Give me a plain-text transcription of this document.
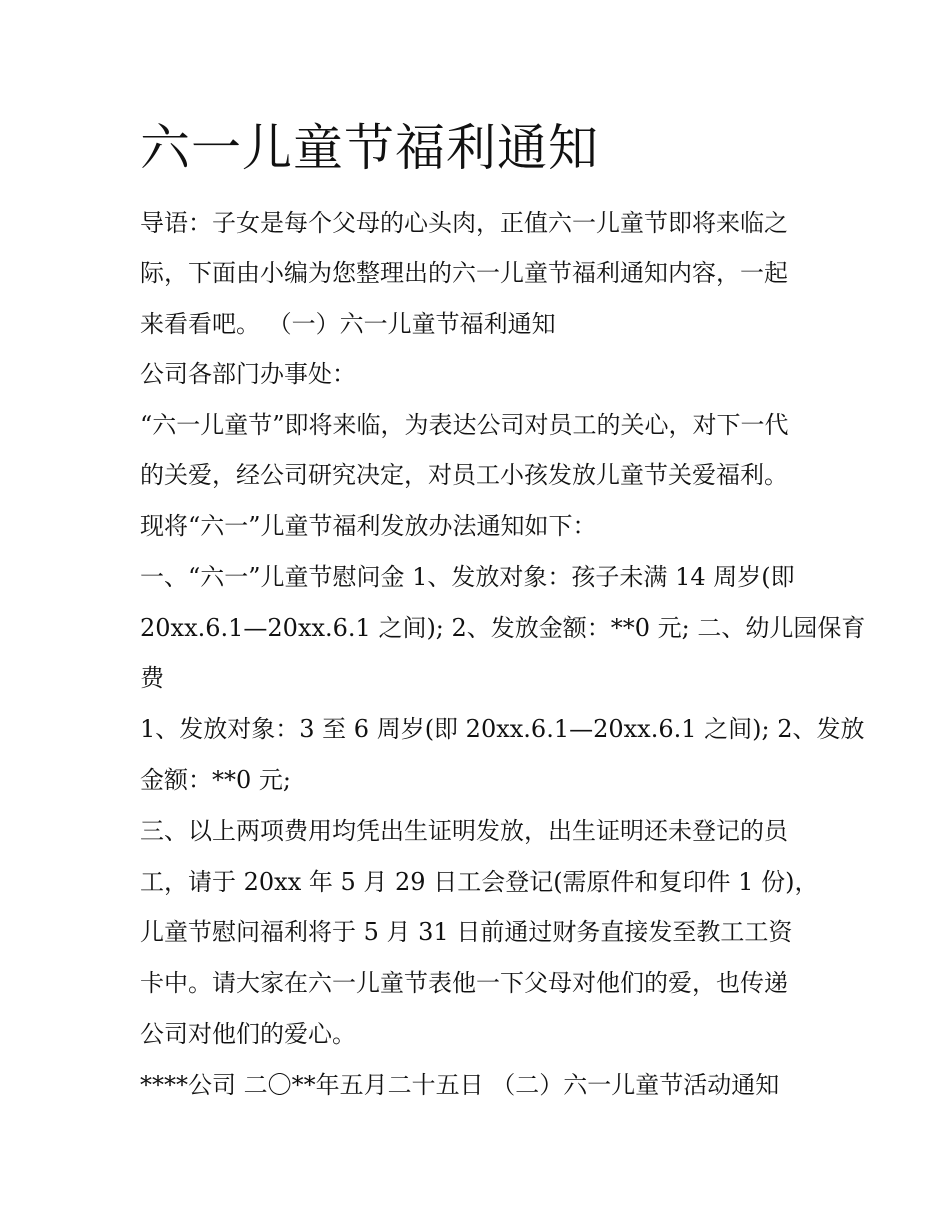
六一儿童节福利通知
导语：子女是每个父母的心头肉，正值六一儿童节即将来临之
际，下面由小编为您整理出的六一儿童节福利通知内容，一起
来看看吧。 （一）六一儿童节福利通知
公司各部门办事处：
“六一儿童节”即将来临，为表达公司对员工的关心，对下一代
的关爱，经公司研究决定，对员工小孩发放儿童节关爱福利。
现将“六一”儿童节福利发放办法通知如下：
一、“六一”儿童节慰问金 1、发放对象：孩子未满 14 周岁(即
20xx.6.1—20xx.6.1 之间); 2、发放金额：**0 元; 二、幼儿园保育
费
1、发放对象：3 至 6 周岁(即 20xx.6.1—20xx.6.1 之间); 2、发放
金额：**0 元;
三、以上两项费用均凭出生证明发放，出生证明还未登记的员
工，请于 20xx 年 5 月 29 日工会登记(需原件和复印件 1 份)，
儿童节慰问福利将于 5 月 31 日前通过财务直接发至教工工资
卡中。请大家在六一儿童节表他一下父母对他们的爱，也传递
公司对他们的爱心。
****公司 二〇**年五月二十五日 （二）六一儿童节活动通知
